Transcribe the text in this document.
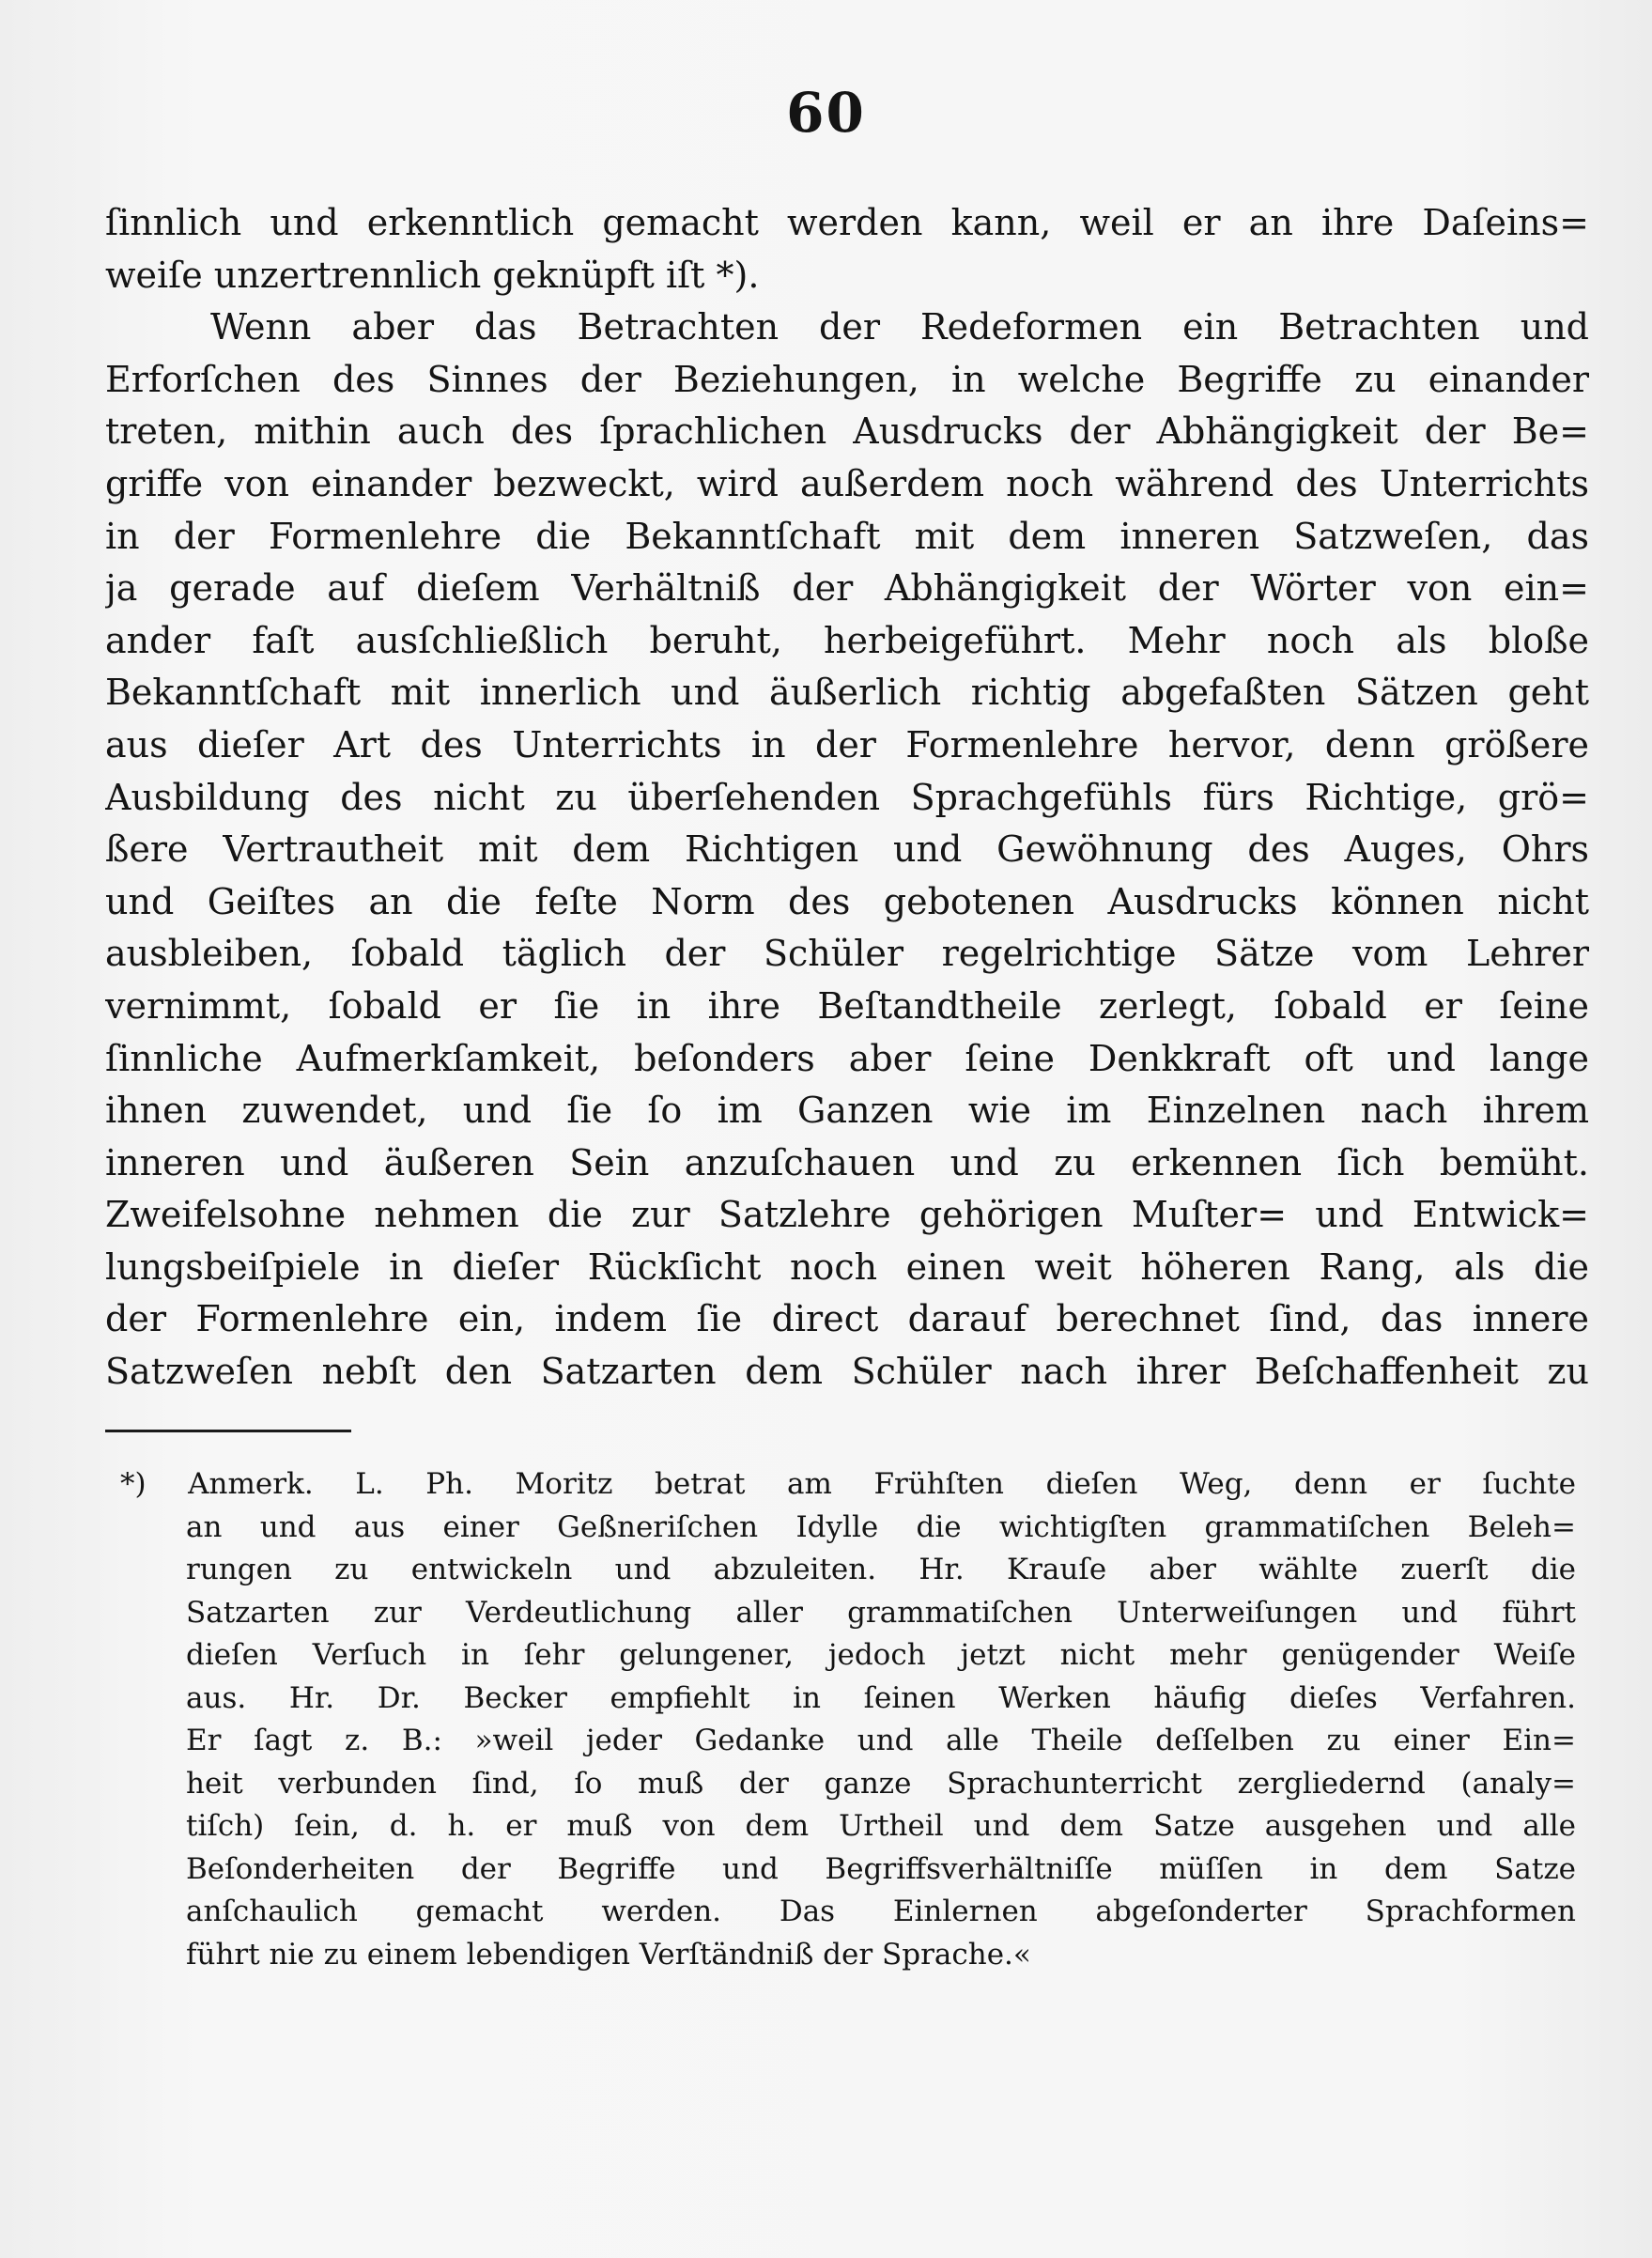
60
ſinnlich und erkenntlich gemacht werden kann, weil er an ihre Daſeins=
weiſe unzertrennlich geknüpft iſt *).
Wenn aber das Betrachten der Redeformen ein Betrachten und
Erforſchen des Sinnes der Beziehungen, in welche Begriffe zu einander
treten, mithin auch des ſprachlichen Ausdrucks der Abhängigkeit der Be=
griffe von einander bezweckt, wird außerdem noch während des Unterrichts
in der Formenlehre die Bekanntſchaft mit dem inneren Satzweſen, das
ja gerade auf dieſem Verhältniß der Abhängigkeit der Wörter von ein=
ander faſt ausſchließlich beruht, herbeigeführt. Mehr noch als bloße
Bekanntſchaft mit innerlich und äußerlich richtig abgefaßten Sätzen geht
aus dieſer Art des Unterrichts in der Formenlehre hervor, denn größere
Ausbildung des nicht zu überſehenden Sprachgefühls fürs Richtige, grö=
ßere Vertrautheit mit dem Richtigen und Gewöhnung des Auges, Ohrs
und Geiſtes an die feſte Norm des gebotenen Ausdrucks können nicht
ausbleiben, ſobald täglich der Schüler regelrichtige Sätze vom Lehrer
vernimmt, ſobald er ſie in ihre Beſtandtheile zerlegt, ſobald er ſeine
ſinnliche Aufmerkſamkeit, beſonders aber ſeine Denkkraft oft und lange
ihnen zuwendet, und ſie ſo im Ganzen wie im Einzelnen nach ihrem
inneren und äußeren Sein anzuſchauen und zu erkennen ſich bemüht.
Zweifelsohne nehmen die zur Satzlehre gehörigen Muſter= und Entwick=
lungsbeiſpiele in dieſer Rückſicht noch einen weit höheren Rang, als die
der Formenlehre ein, indem ſie direct darauf berechnet ſind, das innere
Satzweſen nebſt den Satzarten dem Schüler nach ihrer Beſchaffenheit zu
*) Anmerk. L. Ph. Moritz betrat am Frühſten dieſen Weg, denn er ſuchte
an und aus einer Geßneriſchen Idylle die wichtigſten grammatiſchen Beleh=
rungen zu entwickeln und abzuleiten. Hr. Krauſe aber wählte zuerſt die
Satzarten zur Verdeutlichung aller grammatiſchen Unterweiſungen und führt
dieſen Verſuch in ſehr gelungener, jedoch jetzt nicht mehr genügender Weiſe
aus. Hr. Dr. Becker empfiehlt in ſeinen Werken häufig dieſes Verfahren.
Er ſagt z. B.: »weil jeder Gedanke und alle Theile deſſelben zu einer Ein=
heit verbunden ſind, ſo muß der ganze Sprachunterricht zergliedernd (analy=
tiſch) ſein, d. h. er muß von dem Urtheil und dem Satze ausgehen und alle
Beſonderheiten der Begriffe und Begriffsverhältniſſe müſſen in dem Satze
anſchaulich gemacht werden. Das Einlernen abgeſonderter Sprachformen
führt nie zu einem lebendigen Verſtändniß der Sprache.«
